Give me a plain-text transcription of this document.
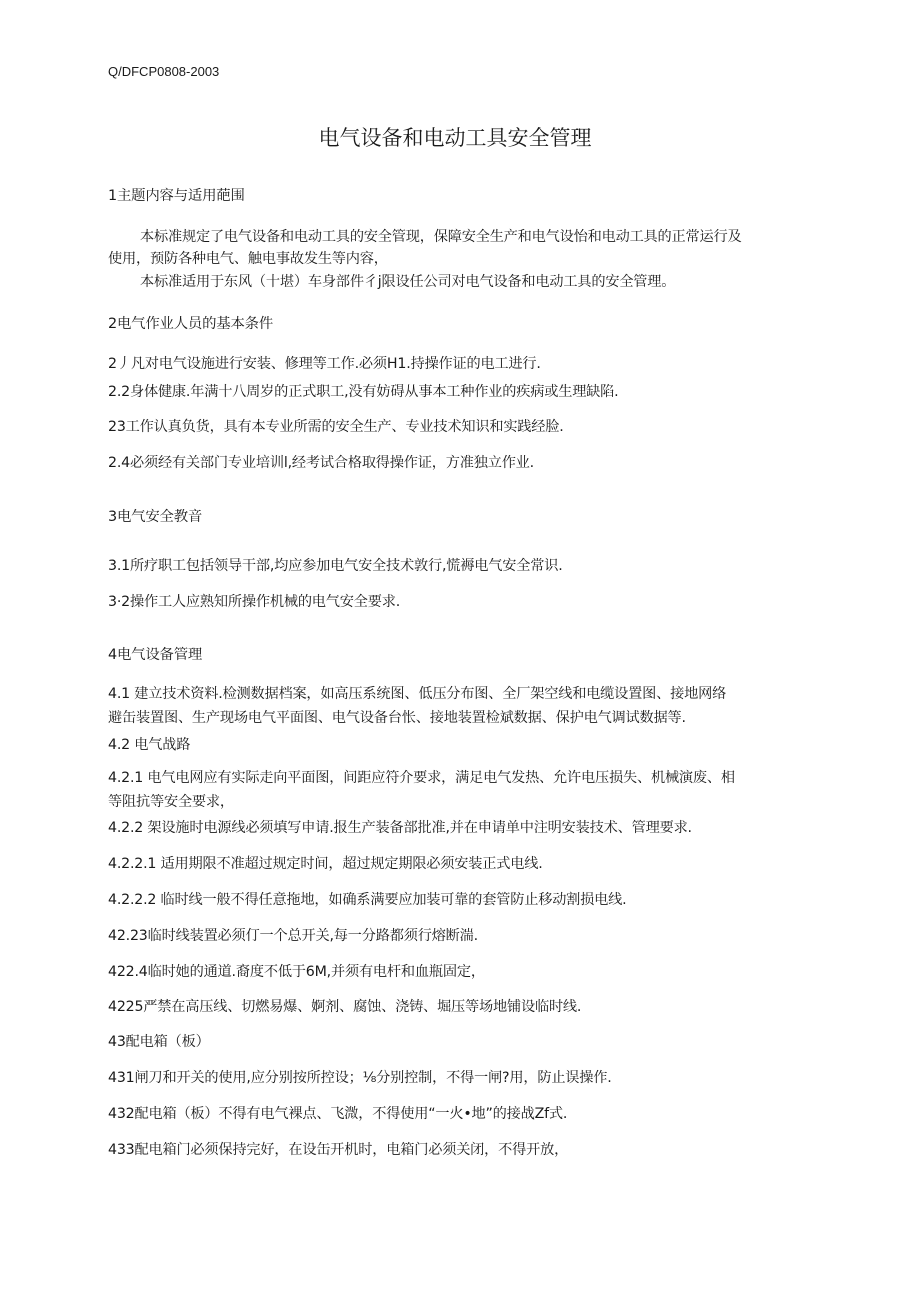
Q/DFCP0808-2003
电气设备和电动工具安全管理

1主题内容与适用葩围

本标准规定了电气设备和电动工具的安全管现，保障安全生产和电气设怡和电动工具的正常运行及

使用，预防各种电气、触电事故发生等内容，

本标准适用于东风（十堪）车身部件彳j限设任公司对电气设备和电动工具的安全管理。

2电气作业人员的基本条件

2丿凡对电气设施进行安装、修理等工作.必须H1.持操作证的电工进行.

2.2身体健康.年满十八周岁的正式职工,没有妨碍从事本工种作业的疾病或生理缺陷.

23工作认真负货，具有本专业所需的安全生产、专业技术知识和实践经脸.

2.4必须经有关部门专业培训l,经考试合格取得操作证，方准独立作业.

3电气安全教音

3.1所疗职工包括领导干部,均应参加电气安全技术敦行,慌褥电气安全常识.

3·2操作工人应熟知所操作机械的电气安全要求.

4电气设备管理

4.1 建立技术资料.检测数据档案，如高压系统图、低压分布图、全厂架空线和电缆设置图、接地网络

避缶装置图、生产现场电气平面图、电气设备台怅、接地装置检斌数据、保护电气调试数据等.

4.2 电气战路

4.2.1 电气电网应有实际走向平面图，间距应符介要求，满足电气发热、允许电压损失、机械演废、相

等阻抗等安全要求，

4.2.2 架设施时电源线必须填写申请.报生产装备部批准,并在申请单中注明安装技术、管理要求.

4.2.2.1 适用期限不准超过规定时间，超过规定期限必须安装正式电线.

4.2.2.2 临时线一般不得任意拖地，如确系满要应加装可靠的套管防止移动割损电线.

42.23临时线装置必须仃一个总开关,每一分路都须行熔断湍.

422.4临时她的通道.裔度不低于6M,并须有电杆和血瓶固定，

4225严禁在高压线、切燃易爆、婀剂、腐蚀、浇铸、堀压等场地铺设临时线.

43配电箱（板）

431闸刀和开关的使用,应分别按所控设；⅛分别控制，不得一闸?用，防止误操作.

432配电箱（板）不得有电气裸点、飞溦，不得使用“一火•地”的接战Zf式.

433配电箱门必须保持完好，在设缶开机时，电箱门必须关闭，不得开放，
